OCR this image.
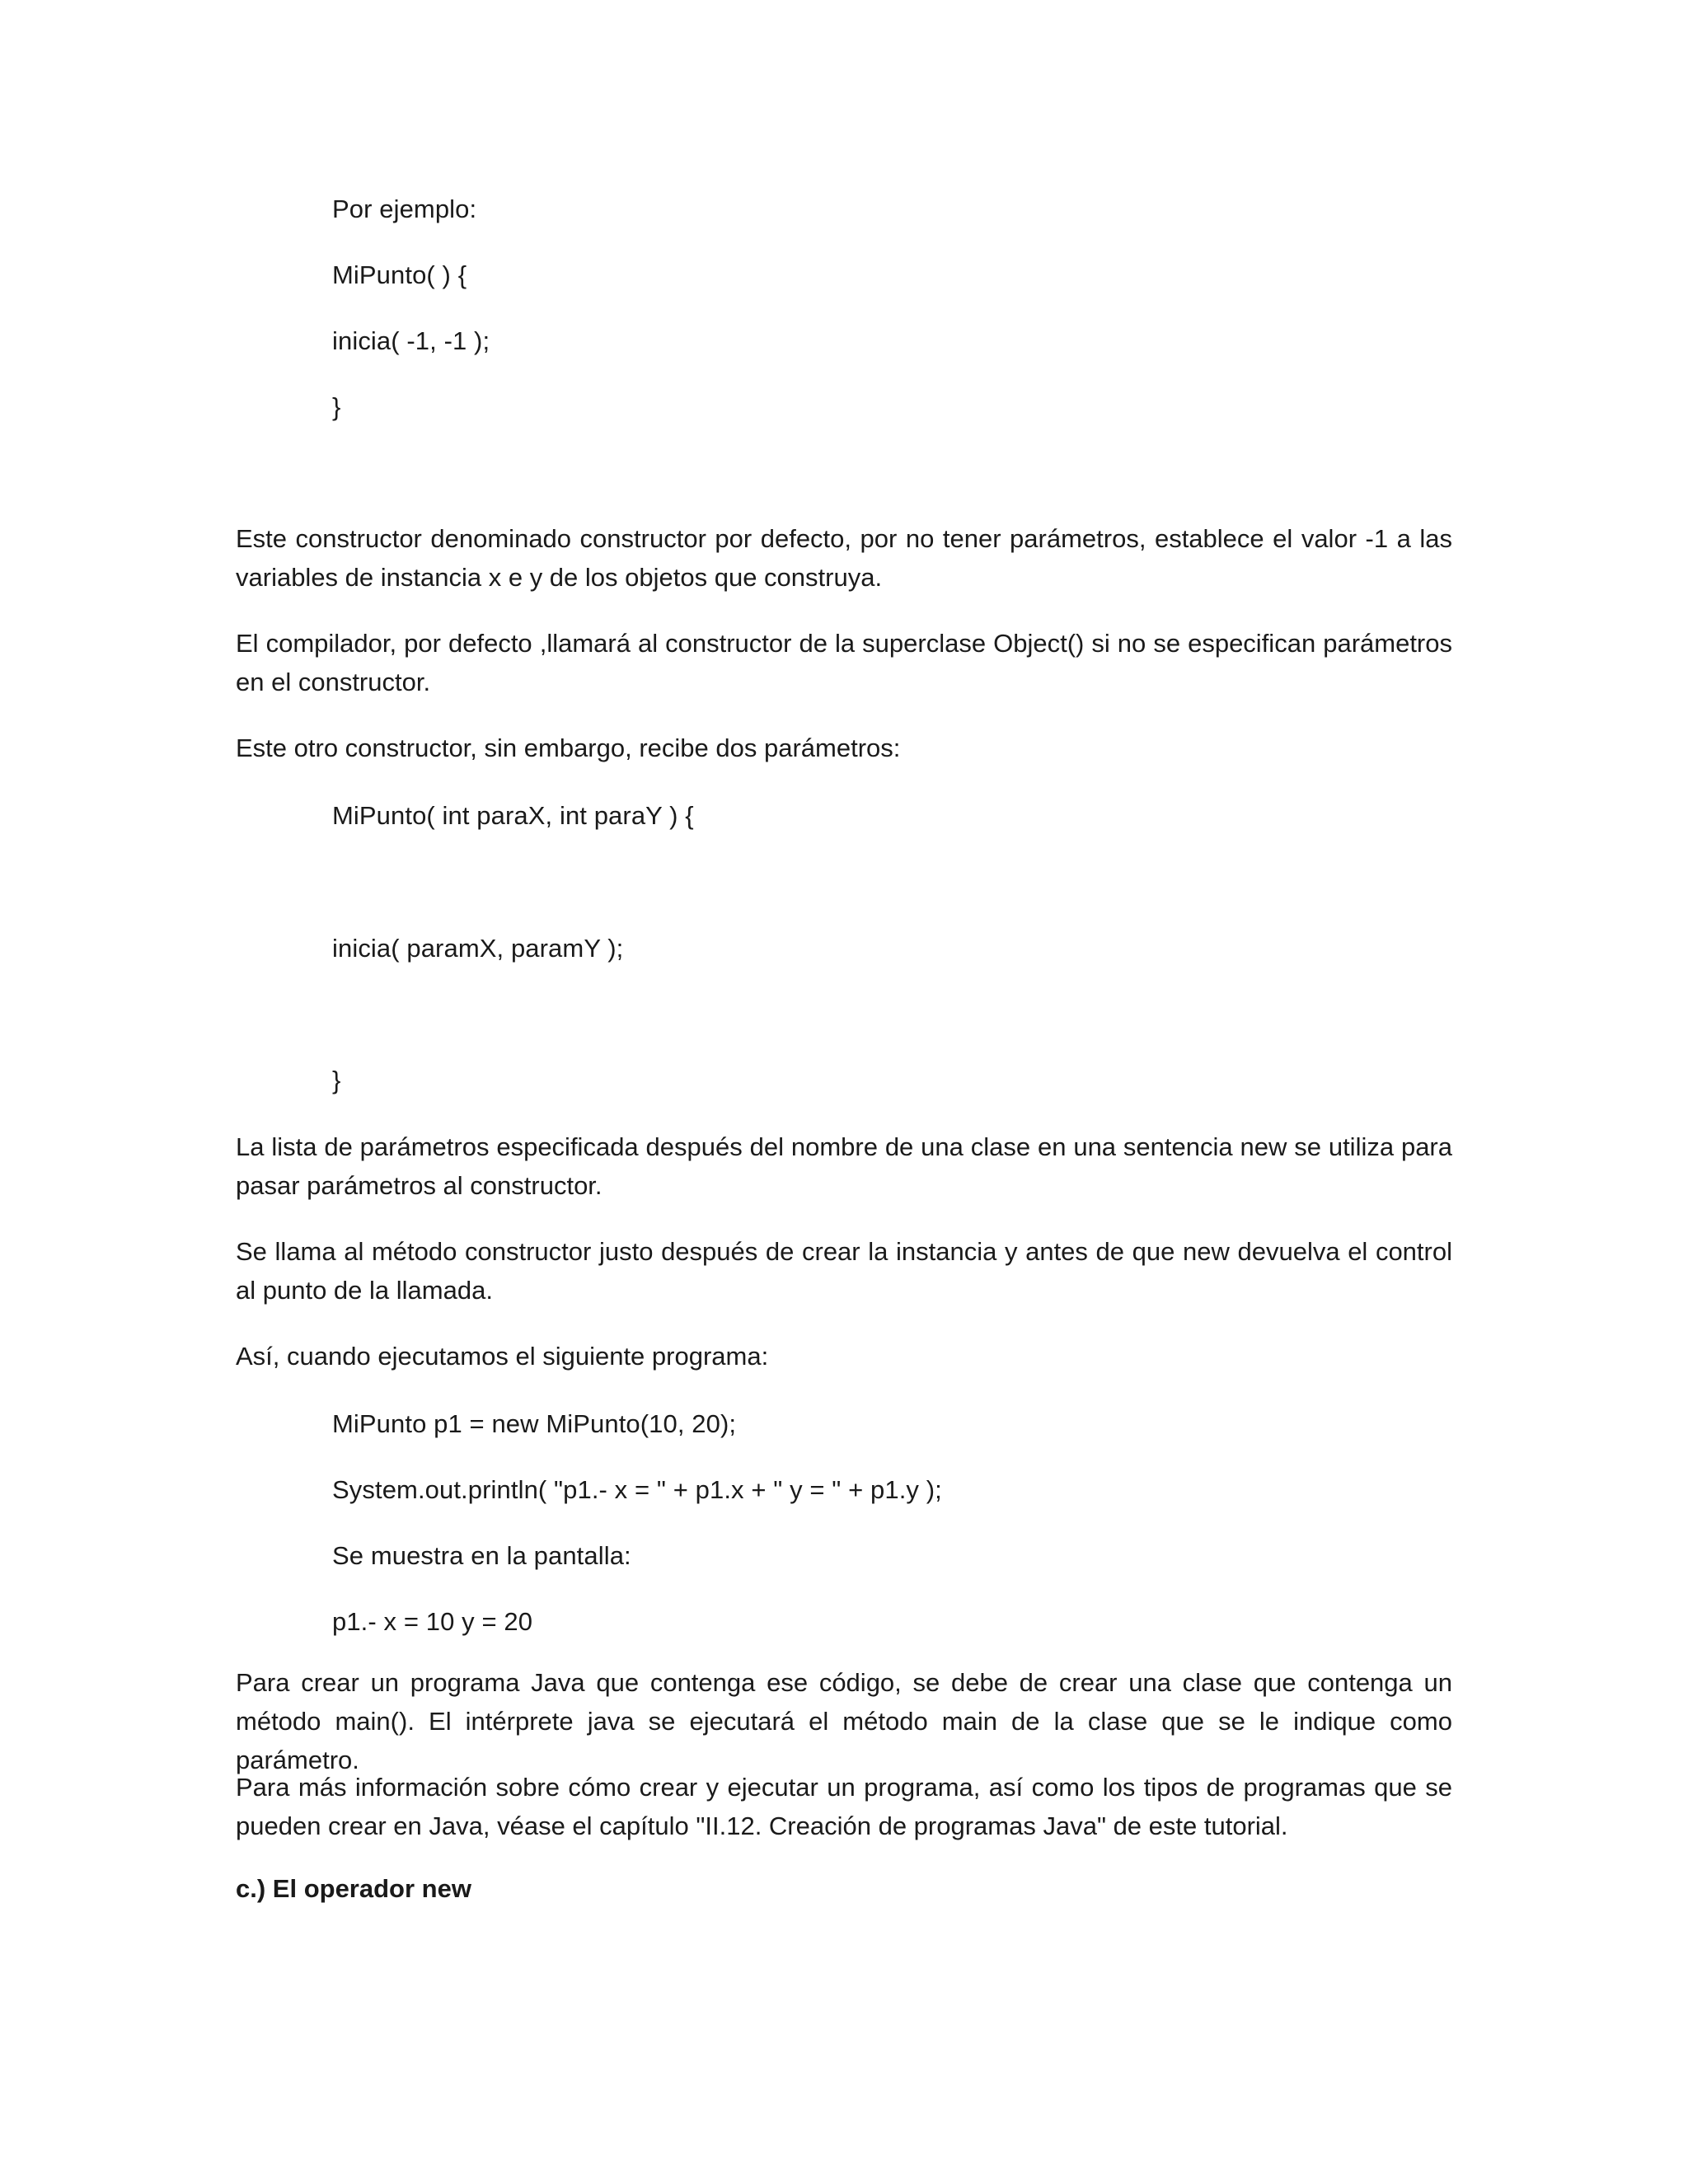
Por ejemplo:
MiPunto( ) {
inicia( -1, -1 );
}

Este constructor denominado constructor por defecto, por no tener parámetros, establece el valor -1 a las variables de instancia x e y de los objetos que construya.

El compilador, por defecto ,llamará al constructor de la superclase Object() si no se especifican parámetros en el constructor.

Este otro constructor, sin embargo, recibe dos parámetros:

MiPunto( int paraX, int paraY ) {
inicia( paramX, paramY );
}

La lista de parámetros especificada después del nombre de una clase en una sentencia new se utiliza para pasar parámetros al constructor.

Se llama al método constructor justo después de crear la instancia y antes de que new devuelva el control al punto de la llamada.

Así, cuando ejecutamos el siguiente programa:

MiPunto p1 = new MiPunto(10, 20);
System.out.println( "p1.- x = " + p1.x + " y = " + p1.y );
Se muestra en la pantalla:
p1.- x = 10 y = 20

Para crear un programa Java que contenga ese código, se debe de crear una clase que contenga un método main(). El intérprete java se ejecutará el método main de la clase que se le indique como parámetro.

Para más información sobre cómo crear y ejecutar un programa, así como los tipos de programas que se pueden crear en Java, véase el capítulo "II.12. Creación de programas Java" de este tutorial.

c.) El operador new
